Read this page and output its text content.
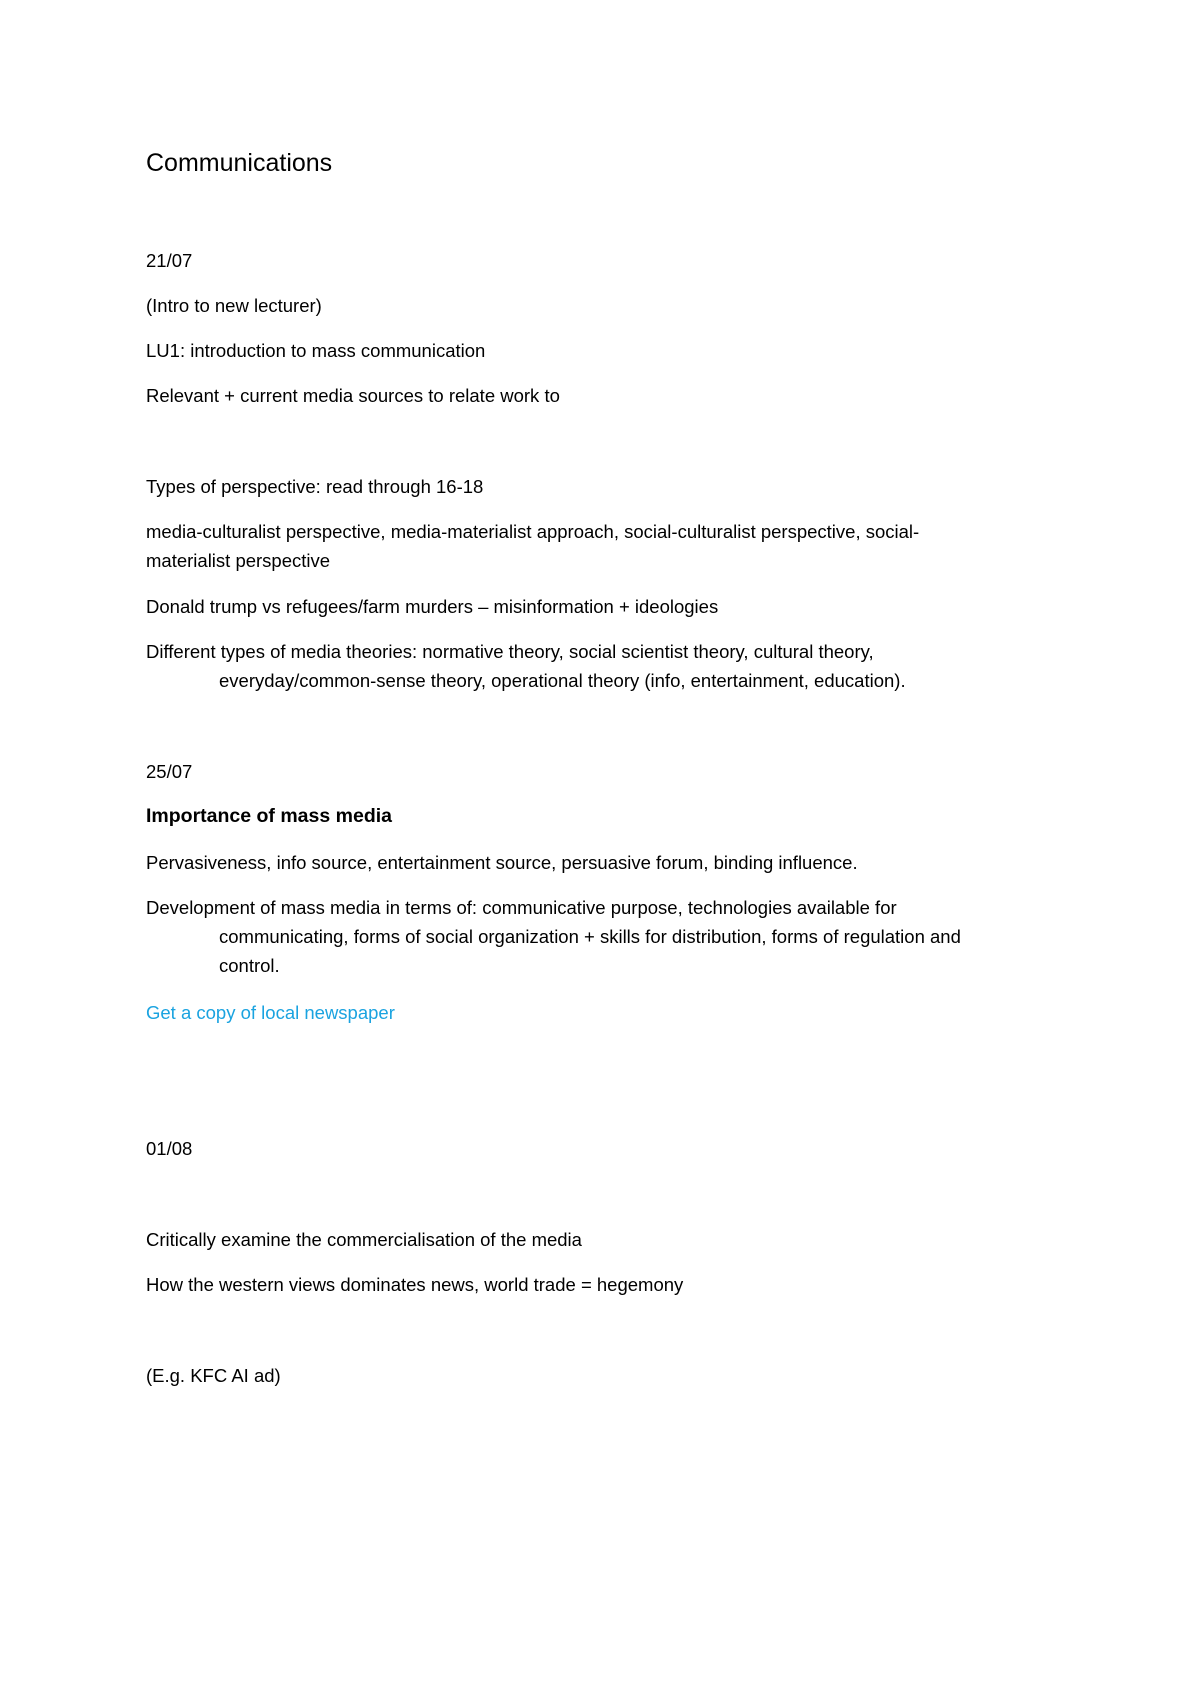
Communications

21/07

(Intro to new lecturer)

LU1: introduction to mass communication

Relevant + current media sources to relate work to

Types of perspective: read through 16-18

media-culturalist perspective, media-materialist approach, social-culturalist perspective, social-

materialist perspective

Donald trump vs refugees/farm murders – misinformation + ideologies

Different types of media theories: normative theory, social scientist theory, cultural theory,

everyday/common-sense theory, operational theory (info, entertainment, education).

25/07

Importance of mass media

Pervasiveness, info source, entertainment source, persuasive forum, binding influence.

Development of mass media in terms of: communicative purpose, technologies available for

communicating, forms of social organization + skills for distribution, forms of regulation and

control.

Get a copy of local newspaper

01/08

Critically examine the commercialisation of the media

How the western views dominates news, world trade = hegemony

(E.g. KFC AI ad)
